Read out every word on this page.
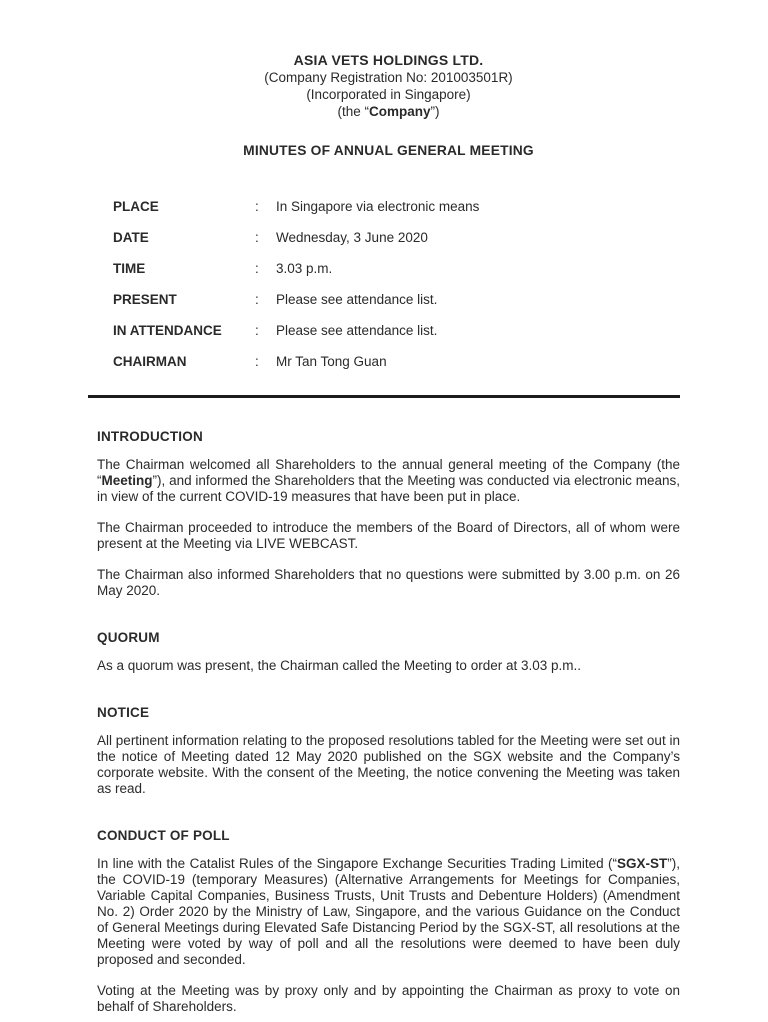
ASIA VETS HOLDINGS LTD.
(Company Registration No: 201003501R)
(Incorporated in Singapore)
(the “Company”)
MINUTES OF ANNUAL GENERAL MEETING
PLACE	:	In Singapore via electronic means
DATE	:	Wednesday, 3 June 2020
TIME	:	3.03 p.m.
PRESENT	:	Please see attendance list.
IN ATTENDANCE	:	Please see attendance list.
CHAIRMAN	:	Mr Tan Tong Guan
INTRODUCTION

The Chairman welcomed all Shareholders to the annual general meeting of the Company (the “Meeting”), and informed the Shareholders that the Meeting was conducted via electronic means, in view of the current COVID-19 measures that have been put in place.

The Chairman proceeded to introduce the members of the Board of Directors, all of whom were present at the Meeting via LIVE WEBCAST.

The Chairman also informed Shareholders that no questions were submitted by 3.00 p.m. on 26 May 2020.

QUORUM

As a quorum was present, the Chairman called the Meeting to order at 3.03 p.m..

NOTICE

All pertinent information relating to the proposed resolutions tabled for the Meeting were set out in the notice of Meeting dated 12 May 2020 published on the SGX website and the Company’s corporate website. With the consent of the Meeting, the notice convening the Meeting was taken as read.

CONDUCT OF POLL

In line with the Catalist Rules of the Singapore Exchange Securities Trading Limited (“SGX-ST”), the COVID-19 (temporary Measures) (Alternative Arrangements for Meetings for Companies, Variable Capital Companies, Business Trusts, Unit Trusts and Debenture Holders) (Amendment No. 2) Order 2020 by the Ministry of Law, Singapore, and the various Guidance on the Conduct of General Meetings during Elevated Safe Distancing Period by the SGX-ST, all resolutions at the Meeting were voted by way of poll and all the resolutions were deemed to have been duly proposed and seconded.

Voting at the Meeting was by proxy only and by appointing the Chairman as proxy to vote on behalf of Shareholders.
